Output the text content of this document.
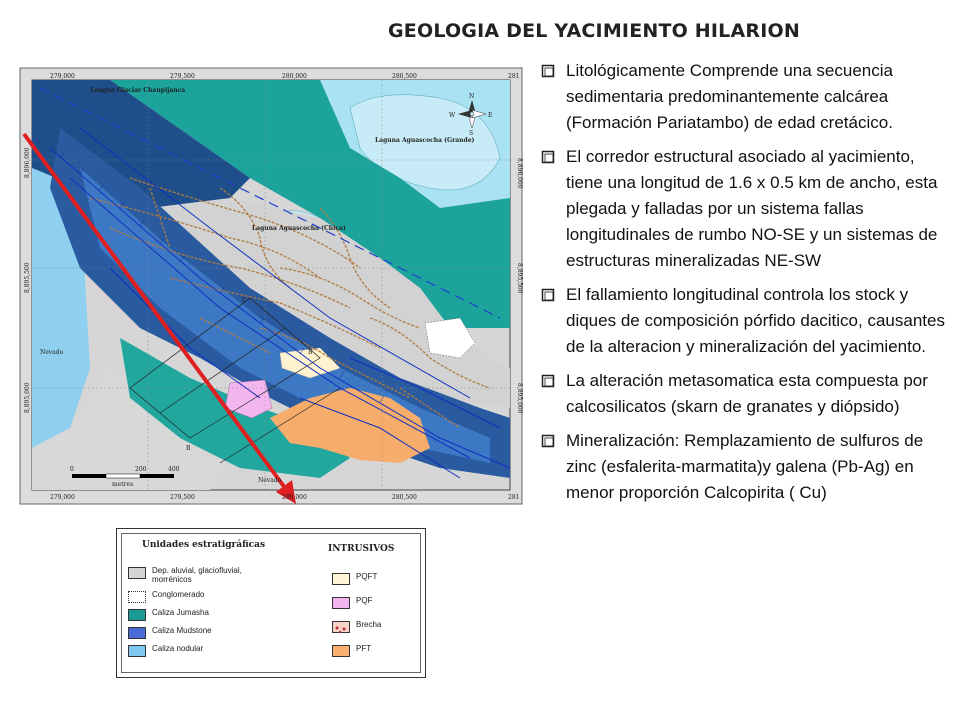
GEOLOGIA DEL YACIMIENTO HILARION
N
S
E
W
279,000	279,500	280,000	280,500	281
279,000	279,500	280,000	280,500	281
8,896,000
8,895,500
8,895,000
8,896,000
8,895,500
8,895,000
Lengua Glaciar Chaupijanca
Laguna Aguascocha (Grande)
Laguna Aguascocha (Chica)
Nevado
Nevado
C
B'
B
0	200	400
metres
Litológicamente Comprende una secuencia sedimentaria predominantemente calcárea (Formación Pariatambo) de edad cretácico.
El corredor estructural asociado al yacimiento, tiene una longitud de 1.6 x 0.5 km de ancho, esta plegada y falladas por un sistema fallas longitudinales de rumbo NO-SE y un sistemas de estructuras mineralizadas NE-SW
El fallamiento longitudinal controla los stock y diques de composición pórfido dacitico, causantes de la alteracion y mineralización del yacimiento.
La alteración metasomatica esta compuesta por calcosilicatos (skarn de granates y diópsido)
Mineralización: Remplazamiento de sulfuros de zinc (esfalerita-marmatita)y galena (Pb-Ag) en menor proporción Calcopirita ( Cu)
Unidades estratigráficas	INTRUSIVOS
Dep. aluvial, glaciofluvial, morrénicos
Conglomerado
Caliza Jumasha
Caliza Mudstone
Caliza nodular
PQFT
PQF
Brecha
PFT
